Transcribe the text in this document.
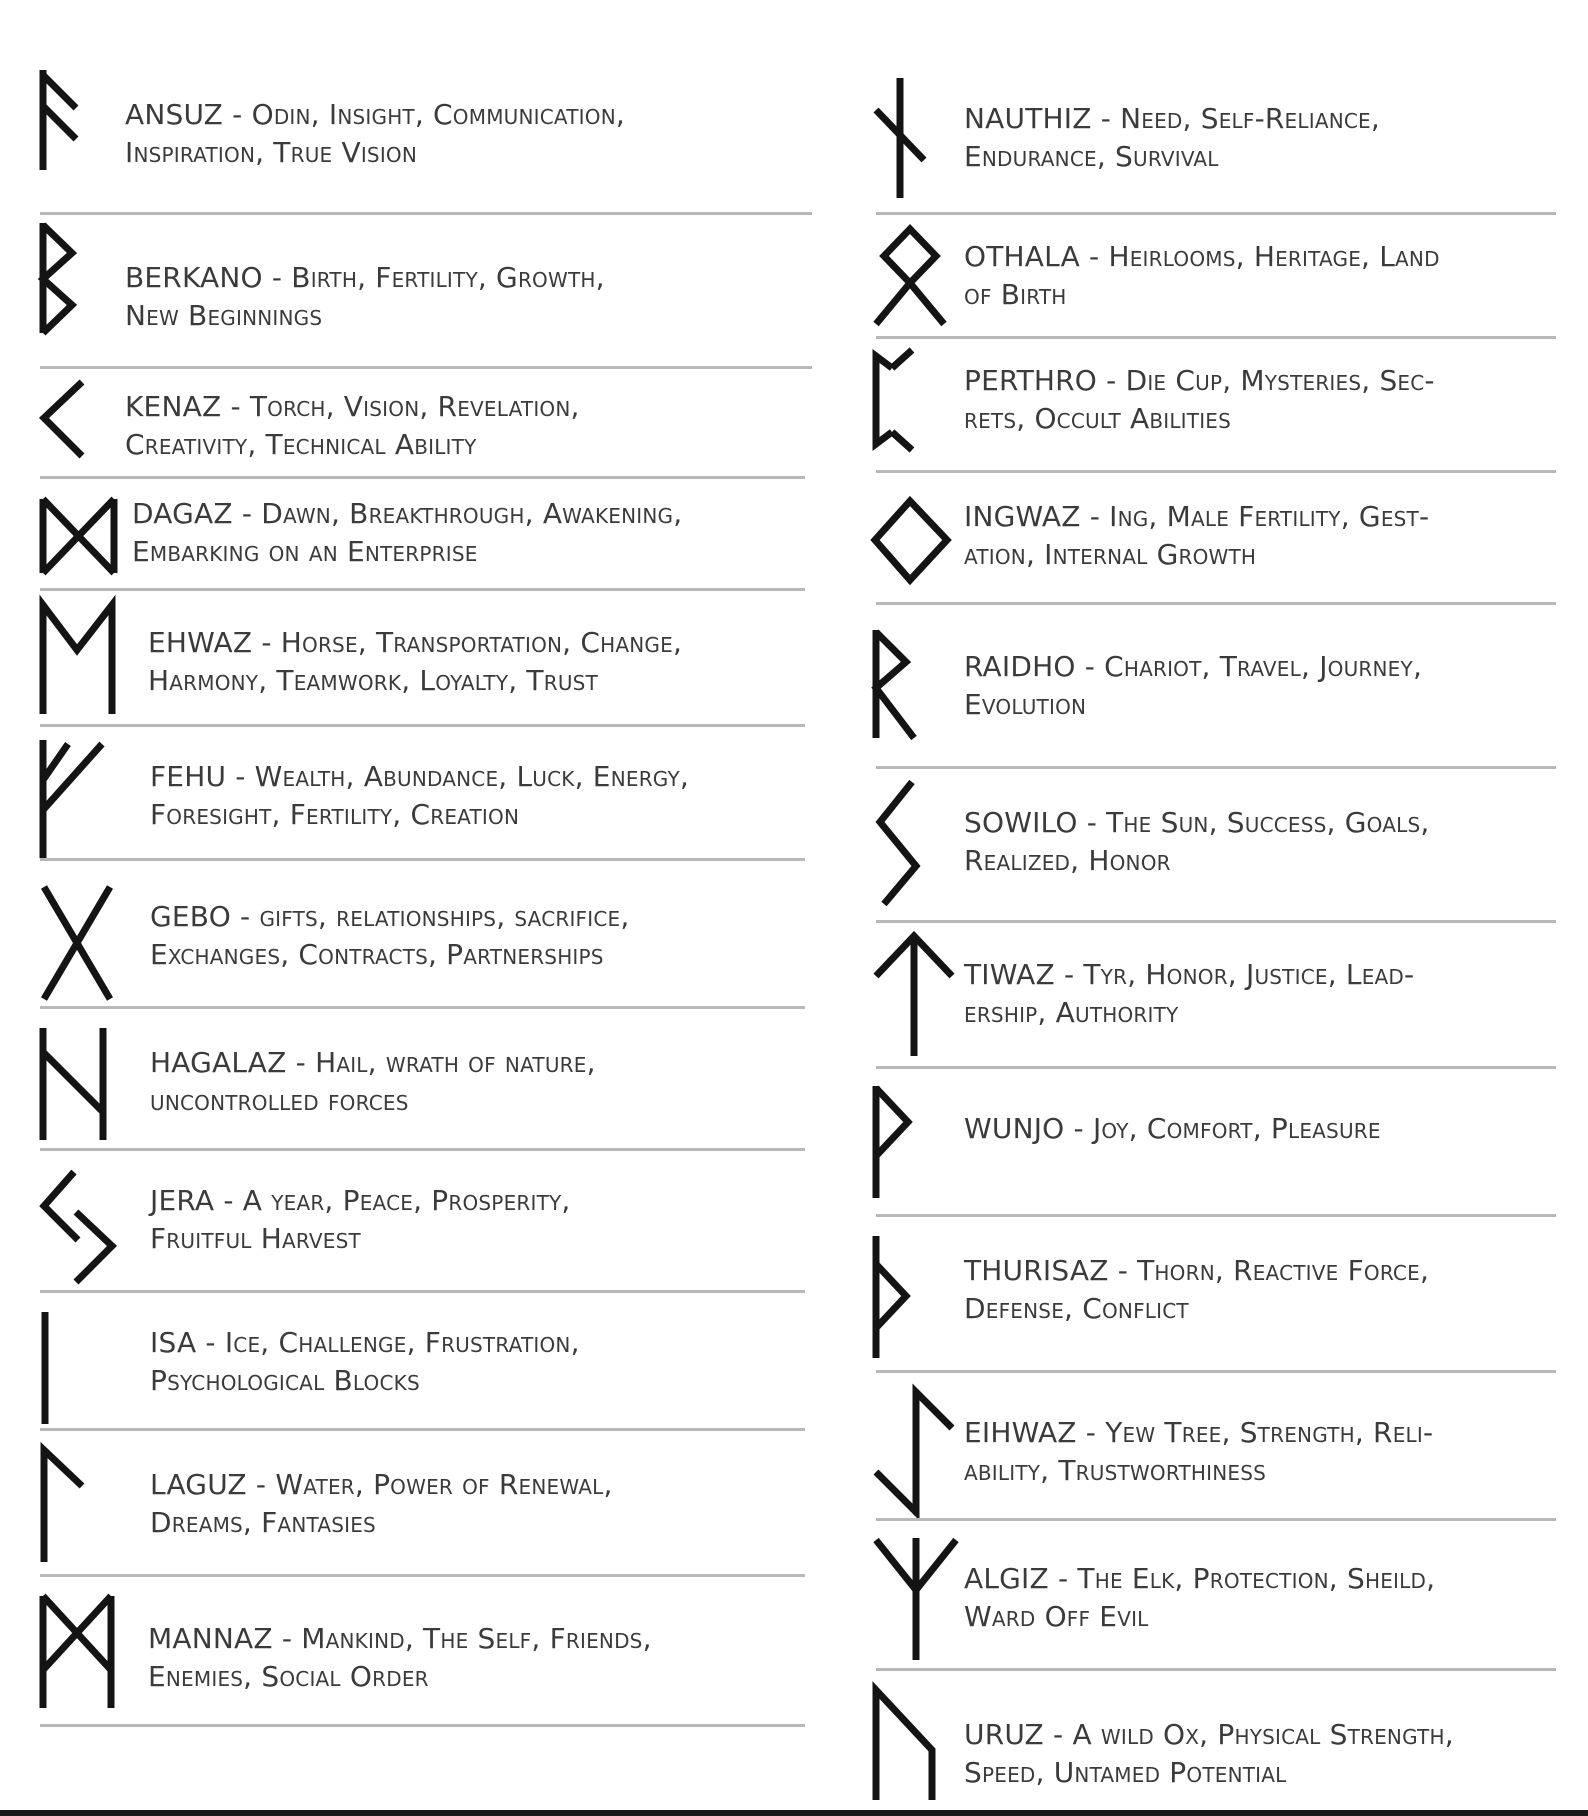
ANSUZ - Odin, Insight, Communication,
Inspiration, True Vision
BERKANO - Birth, Fertility, Growth,
New Beginnings
KENAZ - Torch, Vision, Revelation,
Creativity, Technical Ability
DAGAZ - Dawn, Breakthrough, Awakening,
Embarking on an Enterprise
EHWAZ - Horse, Transportation, Change,
Harmony, Teamwork, Loyalty, Trust
FEHU - Wealth, Abundance, Luck, Energy,
Foresight, Fertility, Creation
GEBO - gifts, relationships, sacrifice,
Exchanges, Contracts, Partnerships
HAGALAZ - Hail, wrath of nature,
uncontrolled forces
JERA - A year, Peace, Prosperity,
Fruitful Harvest
ISA - Ice, Challenge, Frustration,
Psychological Blocks
LAGUZ - Water, Power of Renewal,
Dreams, Fantasies
MANNAZ - Mankind, The Self, Friends,
Enemies, Social Order
NAUTHIZ - Need, Self-Reliance,
Endurance, Survival
OTHALA - Heirlooms, Heritage, Land
of Birth
PERTHRO - Die Cup, Mysteries, Sec-
rets, Occult Abilities
INGWAZ - Ing, Male Fertility, Gest-
ation, Internal Growth
RAIDHO - Chariot, Travel, Journey,
Evolution
SOWILO - The Sun, Success, Goals,
Realized, Honor
TIWAZ - Tyr, Honor, Justice, Lead-
ership, Authority
WUNJO - Joy, Comfort, Pleasure
THURISAZ - Thorn, Reactive Force,
Defense, Conflict
EIHWAZ - Yew Tree, Strength, Reli-
ability, Trustworthiness
ALGIZ - The Elk, Protection, Sheild,
Ward Off Evil
URUZ - A wild Ox, Physical Strength,
Speed, Untamed Potential
